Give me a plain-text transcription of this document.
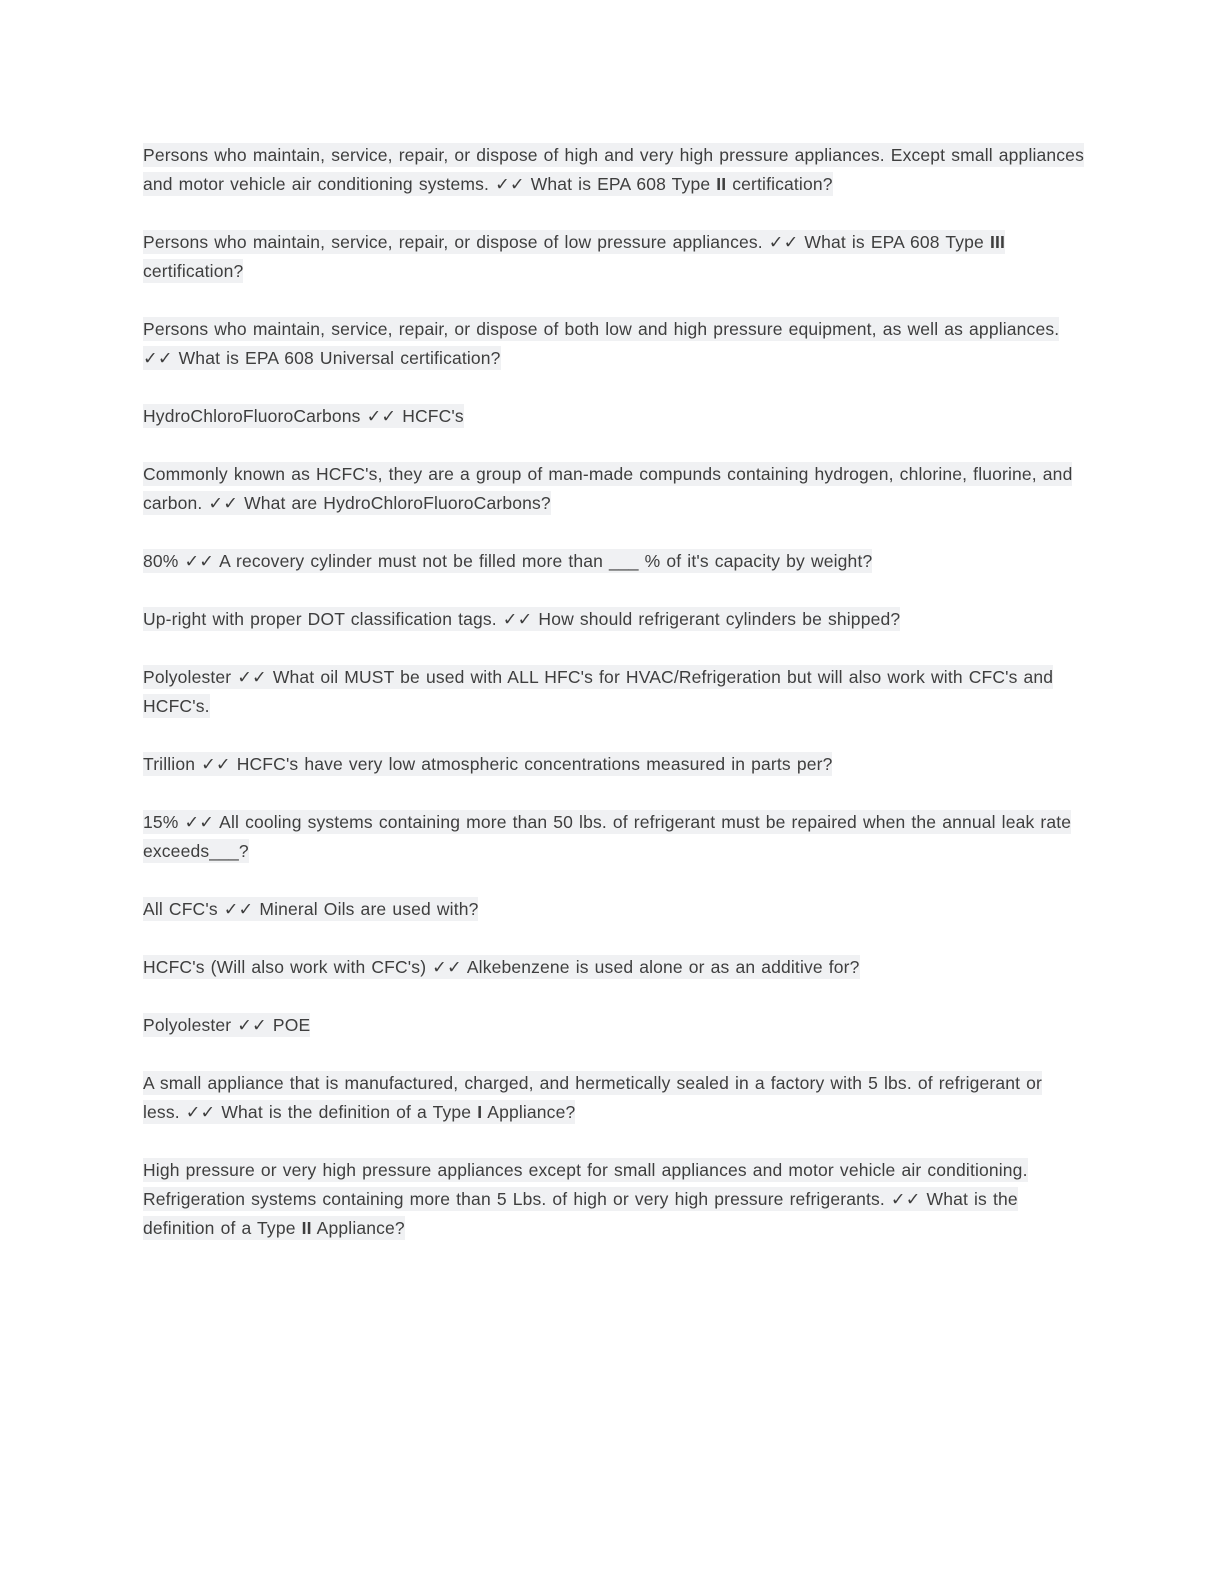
Persons who maintain, service, repair, or dispose of high and very high pressure appliances. Except small appliances and motor vehicle air conditioning systems. ✓✓ What is EPA 608 Type II certification?

Persons who maintain, service, repair, or dispose of low pressure appliances. ✓✓ What is EPA 608 Type III certification?

Persons who maintain, service, repair, or dispose of both low and high pressure equipment, as well as appliances. ✓✓ What is EPA 608 Universal certification?

HydroChloroFluoroCarbons ✓✓ HCFC's

Commonly known as HCFC's, they are a group of man-made compunds containing hydrogen, chlorine, fluorine, and carbon. ✓✓ What are HydroChloroFluoroCarbons?

80% ✓✓ A recovery cylinder must not be filled more than ___ % of it's capacity by weight?

Up-right with proper DOT classification tags. ✓✓ How should refrigerant cylinders be shipped?

Polyolester ✓✓ What oil MUST be used with ALL HFC's for HVAC/Refrigeration but will also work with CFC's and HCFC's.

Trillion ✓✓ HCFC's have very low atmospheric concentrations measured in parts per?

15% ✓✓ All cooling systems containing more than 50 lbs. of refrigerant must be repaired when the annual leak rate exceeds___?

All CFC's ✓✓ Mineral Oils are used with?

HCFC's (Will also work with CFC's) ✓✓ Alkebenzene is used alone or as an additive for?

Polyolester ✓✓ POE

A small appliance that is manufactured, charged, and hermetically sealed in a factory with 5 lbs. of refrigerant or less. ✓✓ What is the definition of a Type I Appliance?

High pressure or very high pressure appliances except for small appliances and motor vehicle air conditioning. Refrigeration systems containing more than 5 Lbs. of high or very high pressure refrigerants. ✓✓ What is the definition of a Type II Appliance?
